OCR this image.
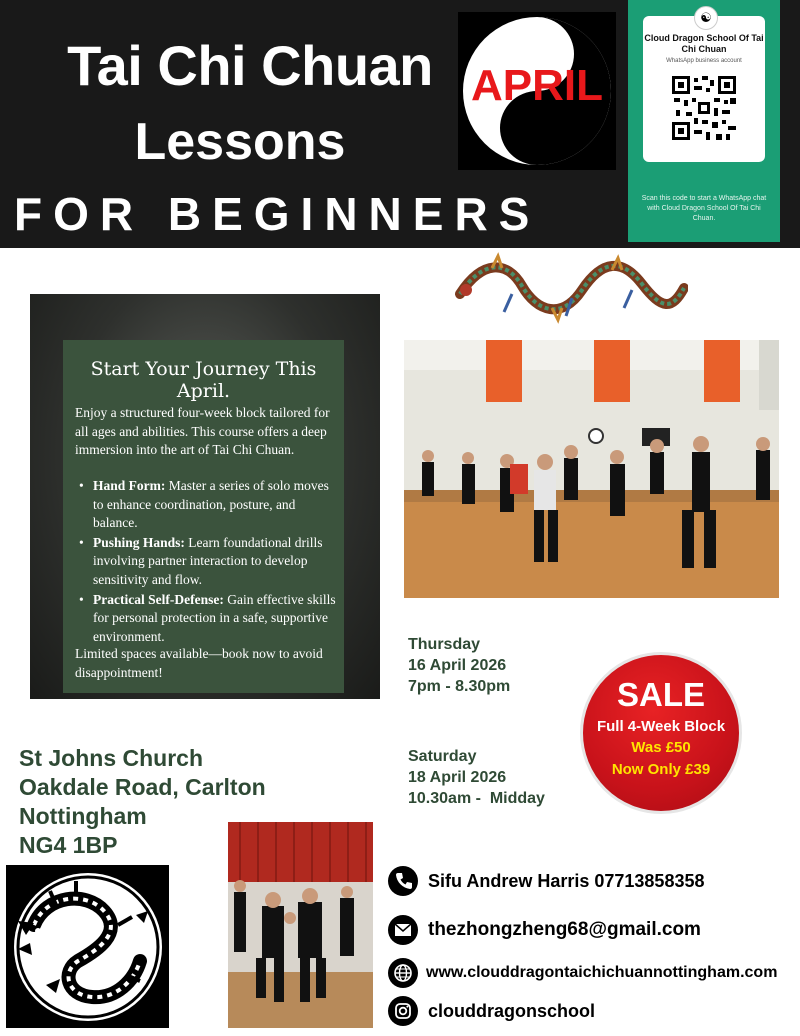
Tai Chi Chuan
Lessons
FOR BEGINNERS
APRIL
☯
Cloud Dragon School Of Tai Chi Chuan
WhatsApp business account
Scan this code to start a WhatsApp chat with Cloud Dragon School Of Tai Chi Chuan.
Start Your Journey This April.
Enjoy a structured four-week block tailored for all ages and abilities. This course offers a deep immersion into the art of Tai Chi Chuan.
• Hand Form: Master a series of solo moves to enhance coordination, posture, and balance.
• Pushing Hands: Learn foundational drills involving partner interaction to develop sensitivity and flow.
• Practical Self-Defense: Gain effective skills for personal protection in a safe, supportive environment.
Limited spaces available—book now to avoid disappointment!
Thursday
16 April 2026
7pm - 8.30pm
Saturday
18 April 2026
10.30am -  Midday
SALE
Full 4-Week Block
Was £50
Now Only £39
St Johns Church
Oakdale Road, Carlton
Nottingham
NG4 1BP
Sifu Andrew Harris 07713858358
thezhongzheng68@gmail.com
www.clouddragontaichichuannottingham.com
clouddragonschool
